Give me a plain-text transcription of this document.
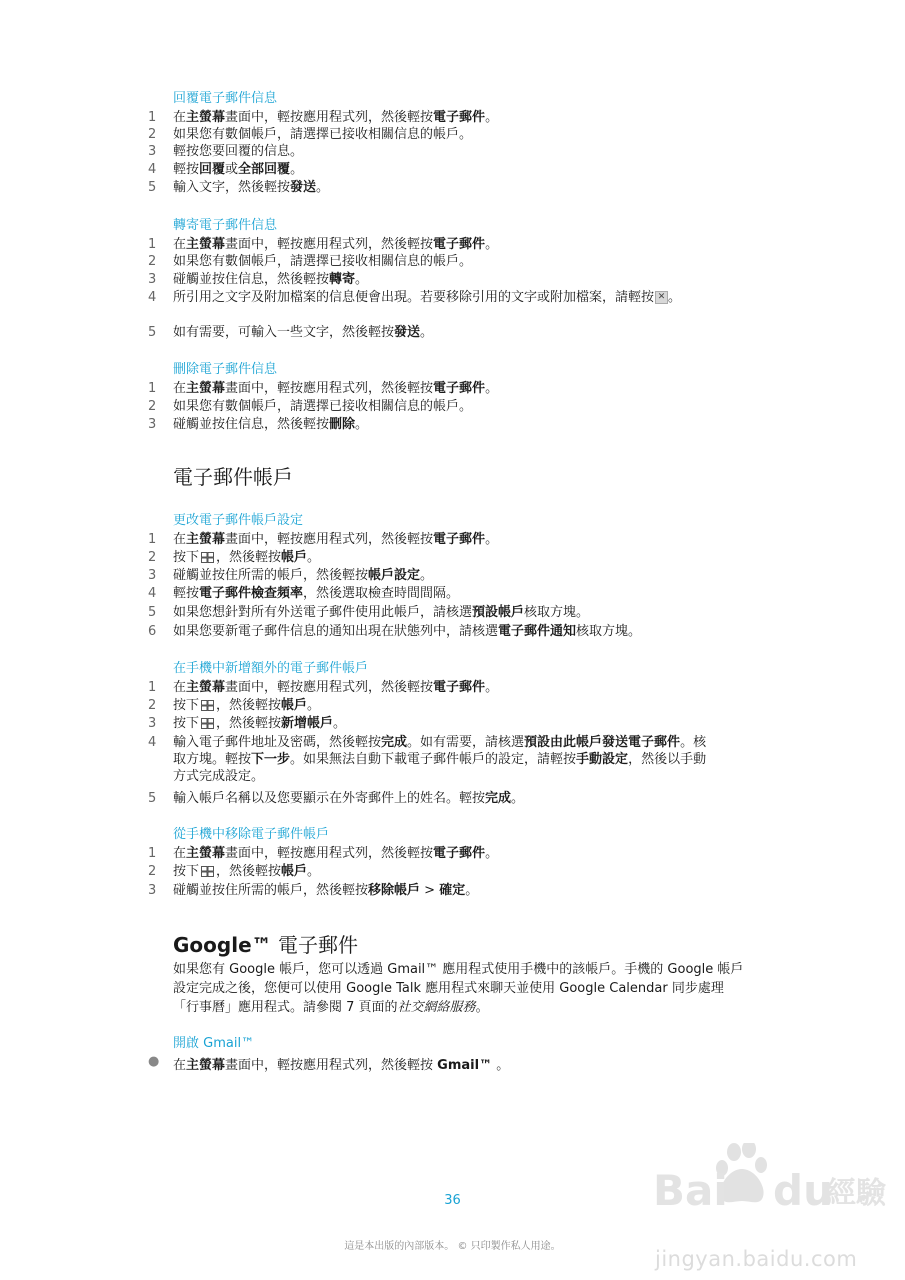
回覆電子郵件信息
1	在主螢幕畫面中，輕按應用程式列，然後輕按電子郵件。
2	如果您有數個帳戶，請選擇已接收相關信息的帳戶。
3	輕按您要回覆的信息。
4	輕按回覆或全部回覆。
5	輸入文字，然後輕按發送。
轉寄電子郵件信息
1	在主螢幕畫面中，輕按應用程式列，然後輕按電子郵件。
2	如果您有數個帳戶，請選擇已接收相關信息的帳戶。
3	碰觸並按住信息，然後輕按轉寄。
4	所引用之文字及附加檔案的信息便會出現。若要移除引用的文字或附加檔案，請輕按 ✕ 。
5	如有需要，可輸入一些文字，然後輕按發送。
刪除電子郵件信息
1	在主螢幕畫面中，輕按應用程式列，然後輕按電子郵件。
2	如果您有數個帳戶，請選擇已接收相關信息的帳戶。
3	碰觸並按住信息，然後輕按刪除。
電子郵件帳戶
更改電子郵件帳戶設定
1	在主螢幕畫面中，輕按應用程式列，然後輕按電子郵件。
2	按下 ，然後輕按帳戶。
3	碰觸並按住所需的帳戶，然後輕按帳戶設定。
4	輕按電子郵件檢查頻率，然後選取檢查時間間隔。
5	如果您想針對所有外送電子郵件使用此帳戶，請核選預設帳戶核取方塊。
6	如果您要新電子郵件信息的通知出現在狀態列中，請核選電子郵件通知核取方塊。
在手機中新增額外的電子郵件帳戶
1	在主螢幕畫面中，輕按應用程式列，然後輕按電子郵件。
2	按下 ，然後輕按帳戶。
3	按下 ，然後輕按新增帳戶。
4	輸入電子郵件地址及密碼，然後輕按完成。如有需要，請核選預設由此帳戶發送電子郵件。核取方塊。輕按下一步。如果無法自動下載電子郵件帳戶的設定，請輕按手動設定，然後以手動方式完成設定。
5	輸入帳戶名稱以及您要顯示在外寄郵件上的姓名。輕按完成。
從手機中移除電子郵件帳戶
1	在主螢幕畫面中，輕按應用程式列，然後輕按電子郵件。
2	按下 ，然後輕按帳戶。
3	碰觸並按住所需的帳戶，然後輕按移除帳戶 > 確定。
Google™ 電子郵件
如果您有 Google 帳戶，您可以透過 Gmail™ 應用程式使用手機中的該帳戶。手機的 Google 帳戶設定完成之後，您便可以使用 Google Talk 應用程式來聊天並使用 Google Calendar 同步處理「行事曆」應用程式。請參閱 7 頁面的社交網絡服務。
開啟 Gmail™
●	在主螢幕畫面中，輕按應用程式列，然後輕按 Gmail™ 。
36
這是本出版的內部版本。 © 只印製作私人用途。
Bai du
經驗
jingyan.baidu.com
